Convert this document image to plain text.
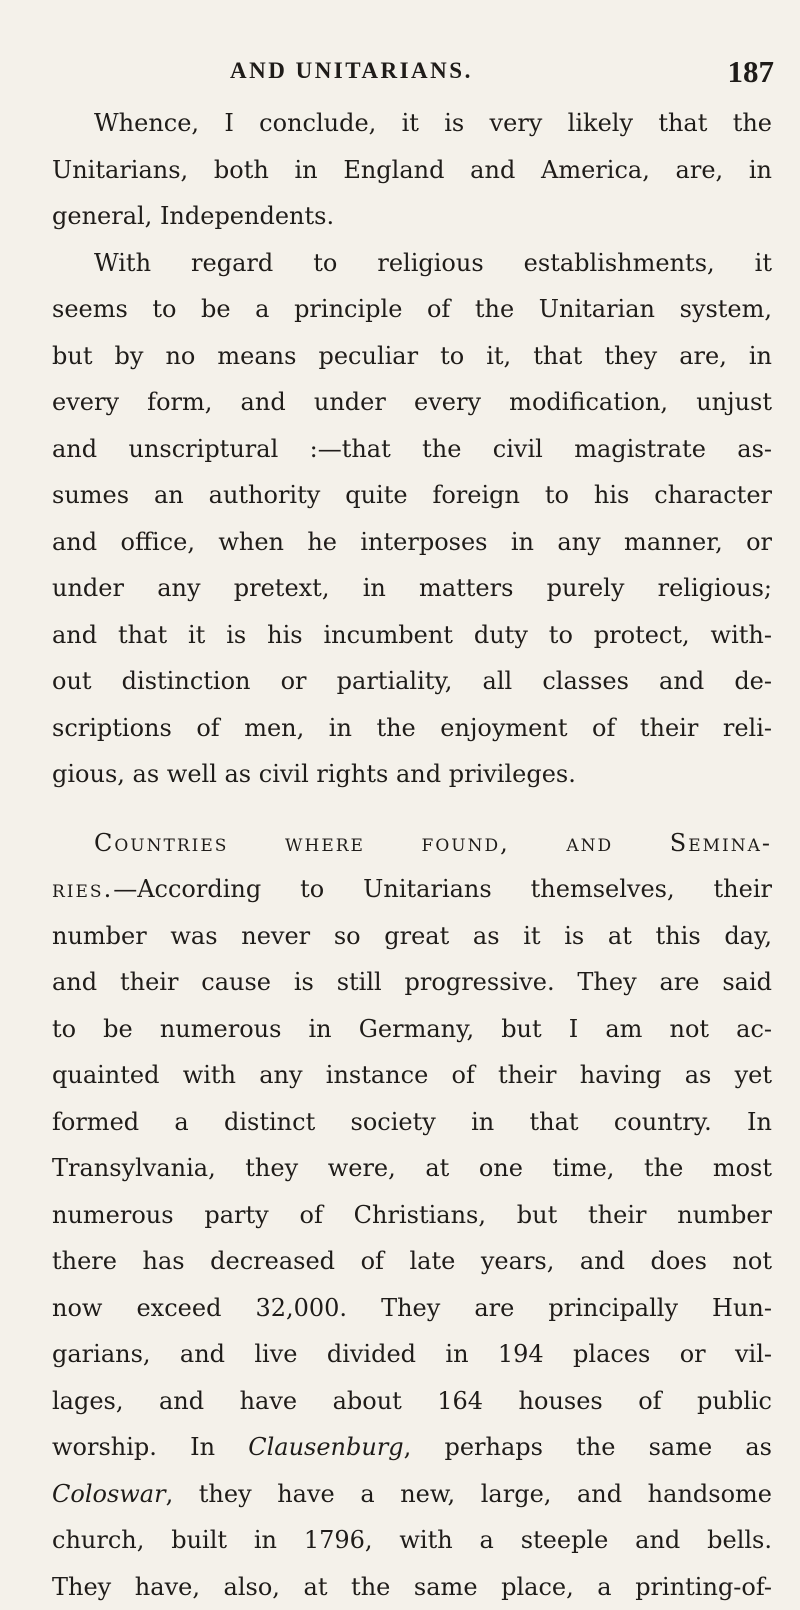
AND UNITARIANS.	187
Whence, I conclude, it is very likely that the
Unitarians, both in England and America, are, in
general, Independents.
With regard to religious establishments, it
seems to be a principle of the Unitarian system,
but by no means peculiar to it, that they are, in
every form, and under every modification, unjust
and unscriptural :—that the civil magistrate as-
sumes an authority quite foreign to his character
and office, when he interposes in any manner, or
under any pretext, in matters purely religious;
and that it is his incumbent duty to protect, with-
out distinction or partiality, all classes and de-
scriptions of men, in the enjoyment of their reli-
gious, as well as civil rights and privileges.
Countries where found, and Semina-
ries.—According to Unitarians themselves, their
number was never so great as it is at this day,
and their cause is still progressive. They are said
to be numerous in Germany, but I am not ac-
quainted with any instance of their having as yet
formed a distinct society in that country. In
Transylvania, they were, at one time, the most
numerous party of Christians, but their number
there has decreased of late years, and does not
now exceed 32,000. They are principally Hun-
garians, and live divided in 194 places or vil-
lages, and have about 164 houses of public
worship. In Clausenburg, perhaps the same as
Coloswar, they have a new, large, and handsome
church, built in 1796, with a steeple and bells.
They have, also, at the same place, a printing-of-
